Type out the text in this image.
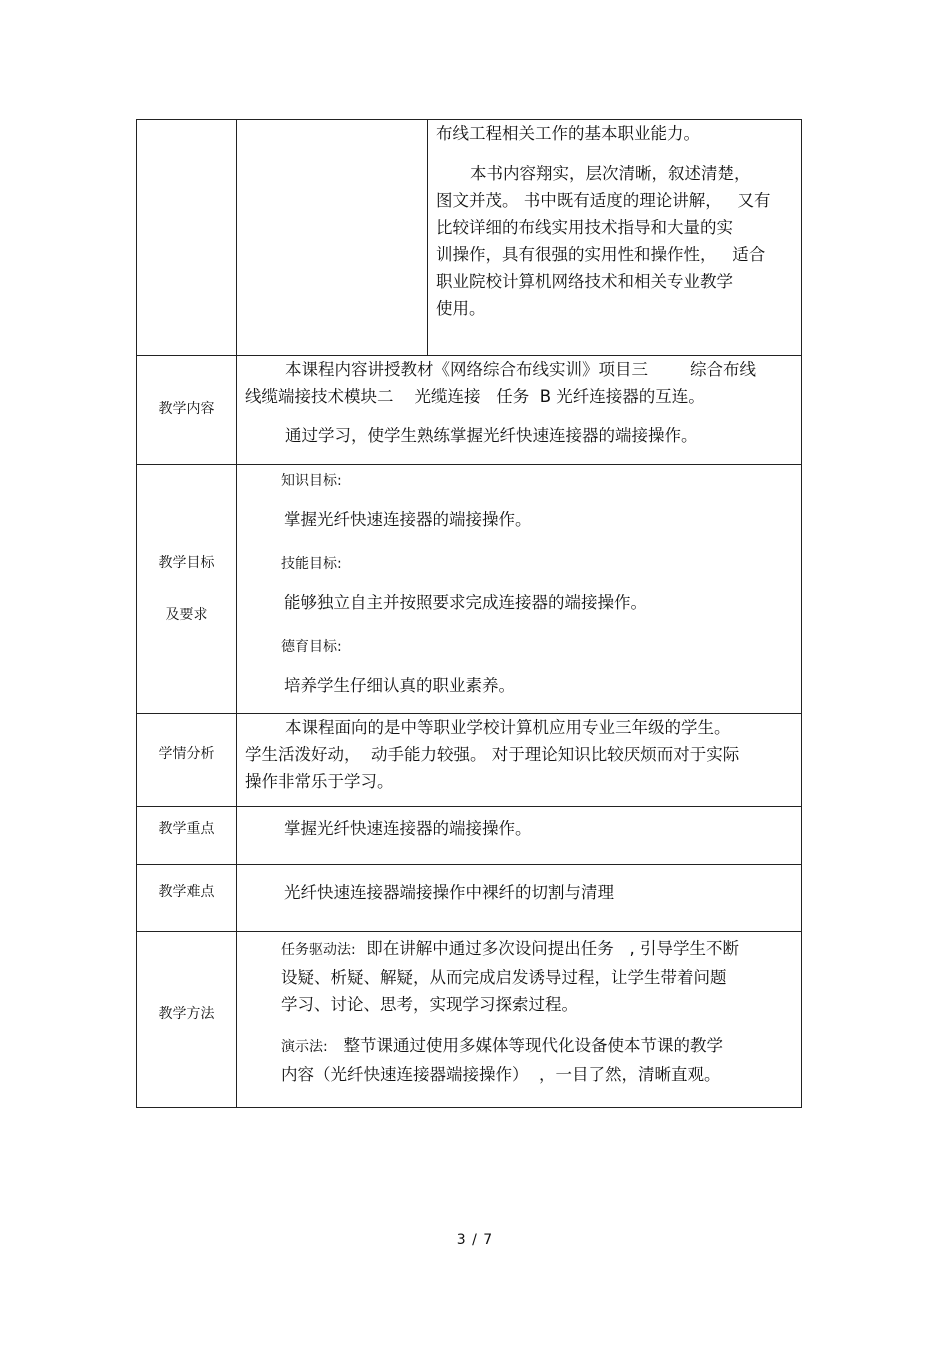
布线工程相关工作的基本职业能力。

本书内容翔实，层次清晰，叙述清楚，

图文并茂。 书中既有适度的理论讲解，   又有

比较详细的布线实用技术指导和大量的实

训操作，具有很强的实用性和操作性，   适合

职业院校计算机网络技术和相关专业教学

使用。

教学内容

本课程内容讲授教材《网络综合布线实训》项目三        综合布线

线缆端接技术模块二    光缆连接   任务  B 光纤连接器的互连。

通过学习，使学生熟练掌握光纤快速连接器的端接操作。

教学目标
及要求
知识目标:
掌握光纤快速连接器的端接操作。
技能目标:
能够独立自主并按照要求完成连接器的端接操作。
德育目标:
培养学生仔细认真的职业素养。
学情分析

本课程面向的是中等职业学校计算机应用专业三年级的学生。

学生活泼好动，  动手能力较强。 对于理论知识比较厌烦而对于实际

操作非常乐于学习。

教学重点	掌握光纤快速连接器的端接操作。
教学难点	光纤快速连接器端接操作中裸纤的切割与清理
教学方法

任务驱动法: 即在讲解中通过多次设问提出任务   , 引导学生不断

设疑、析疑、解疑，从而完成启发诱导过程，让学生带着问题

学习、讨论、思考，实现学习探索过程。

演示法: 整节课通过使用多媒体等现代化设备使本节课的教学

内容（光纤快速连接器端接操作）  ，一目了然，清晰直观。

3 / 7
